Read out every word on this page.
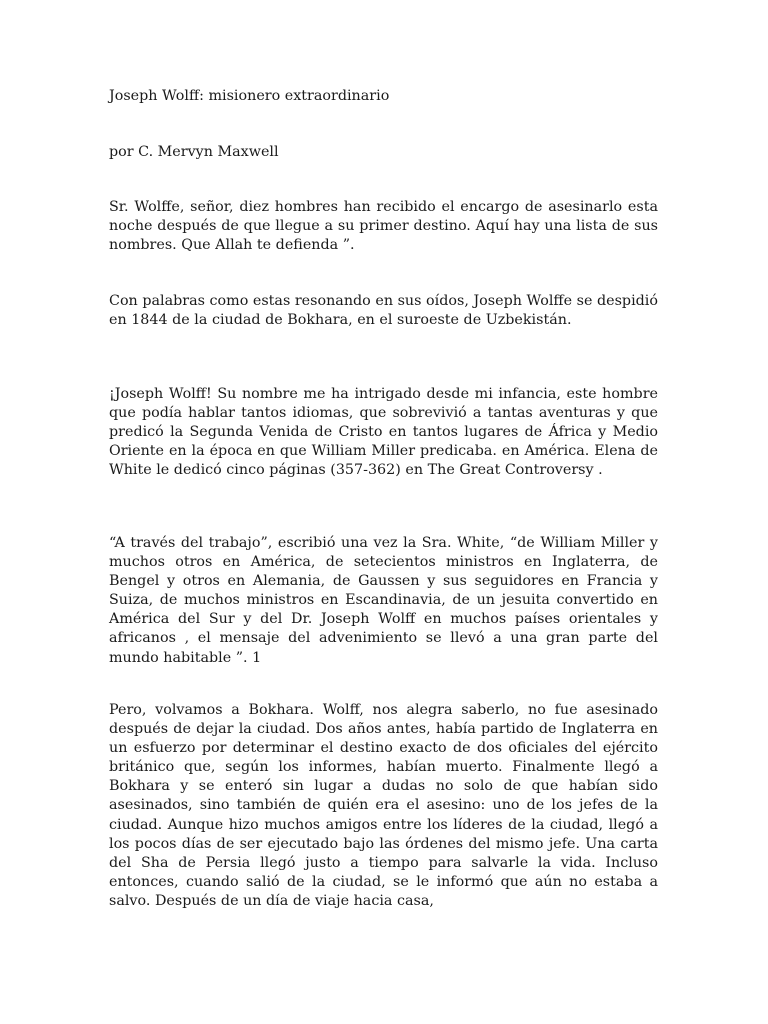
Joseph Wolff: misionero extraordinario

por C. Mervyn Maxwell

Sr. Wolffe, señor, diez hombres han recibido el encargo de asesinarlo esta noche después de que llegue a su primer destino. Aquí hay una lista de sus nombres. Que Allah te defienda ”.

Con palabras como estas resonando en sus oídos, Joseph Wolffe se despidió en 1844 de la ciudad de Bokhara, en el suroeste de Uzbekistán.

¡Joseph Wolff! Su nombre me ha intrigado desde mi infancia, este hombre que podía hablar tantos idiomas, que sobrevivió a tantas aventuras y que predicó la Segunda Venida de Cristo en tantos lugares de África y Medio Oriente en la época en que William Miller predicaba. en América. Elena de White le dedicó cinco páginas (357-362) en The Great Controversy .

“A través del trabajo”, escribió una vez la Sra. White, “de William Miller y muchos otros en América, de setecientos ministros en Inglaterra, de Bengel y otros en Alemania, de Gaussen y sus seguidores en Francia y Suiza, de muchos ministros en Escandinavia, de un jesuita convertido en América del Sur y del Dr. Joseph Wolff en muchos países orientales y africanos , el mensaje del advenimiento se llevó a una gran parte del mundo habitable ”. 1

Pero, volvamos a Bokhara. Wolff, nos alegra saberlo, no fue asesinado después de dejar la ciudad. Dos años antes, había partido de Inglaterra en un esfuerzo por determinar el destino exacto de dos oficiales del ejército británico que, según los informes, habían muerto. Finalmente llegó a Bokhara y se enteró sin lugar a dudas no solo de que habían sido asesinados, sino también de quién era el asesino: uno de los jefes de la ciudad. Aunque hizo muchos amigos entre los líderes de la ciudad, llegó a los pocos días de ser ejecutado bajo las órdenes del mismo jefe. Una carta del Sha de Persia llegó justo a tiempo para salvarle la vida. Incluso entonces, cuando salió de la ciudad, se le informó que aún no estaba a salvo. Después de un día de viaje hacia casa,
